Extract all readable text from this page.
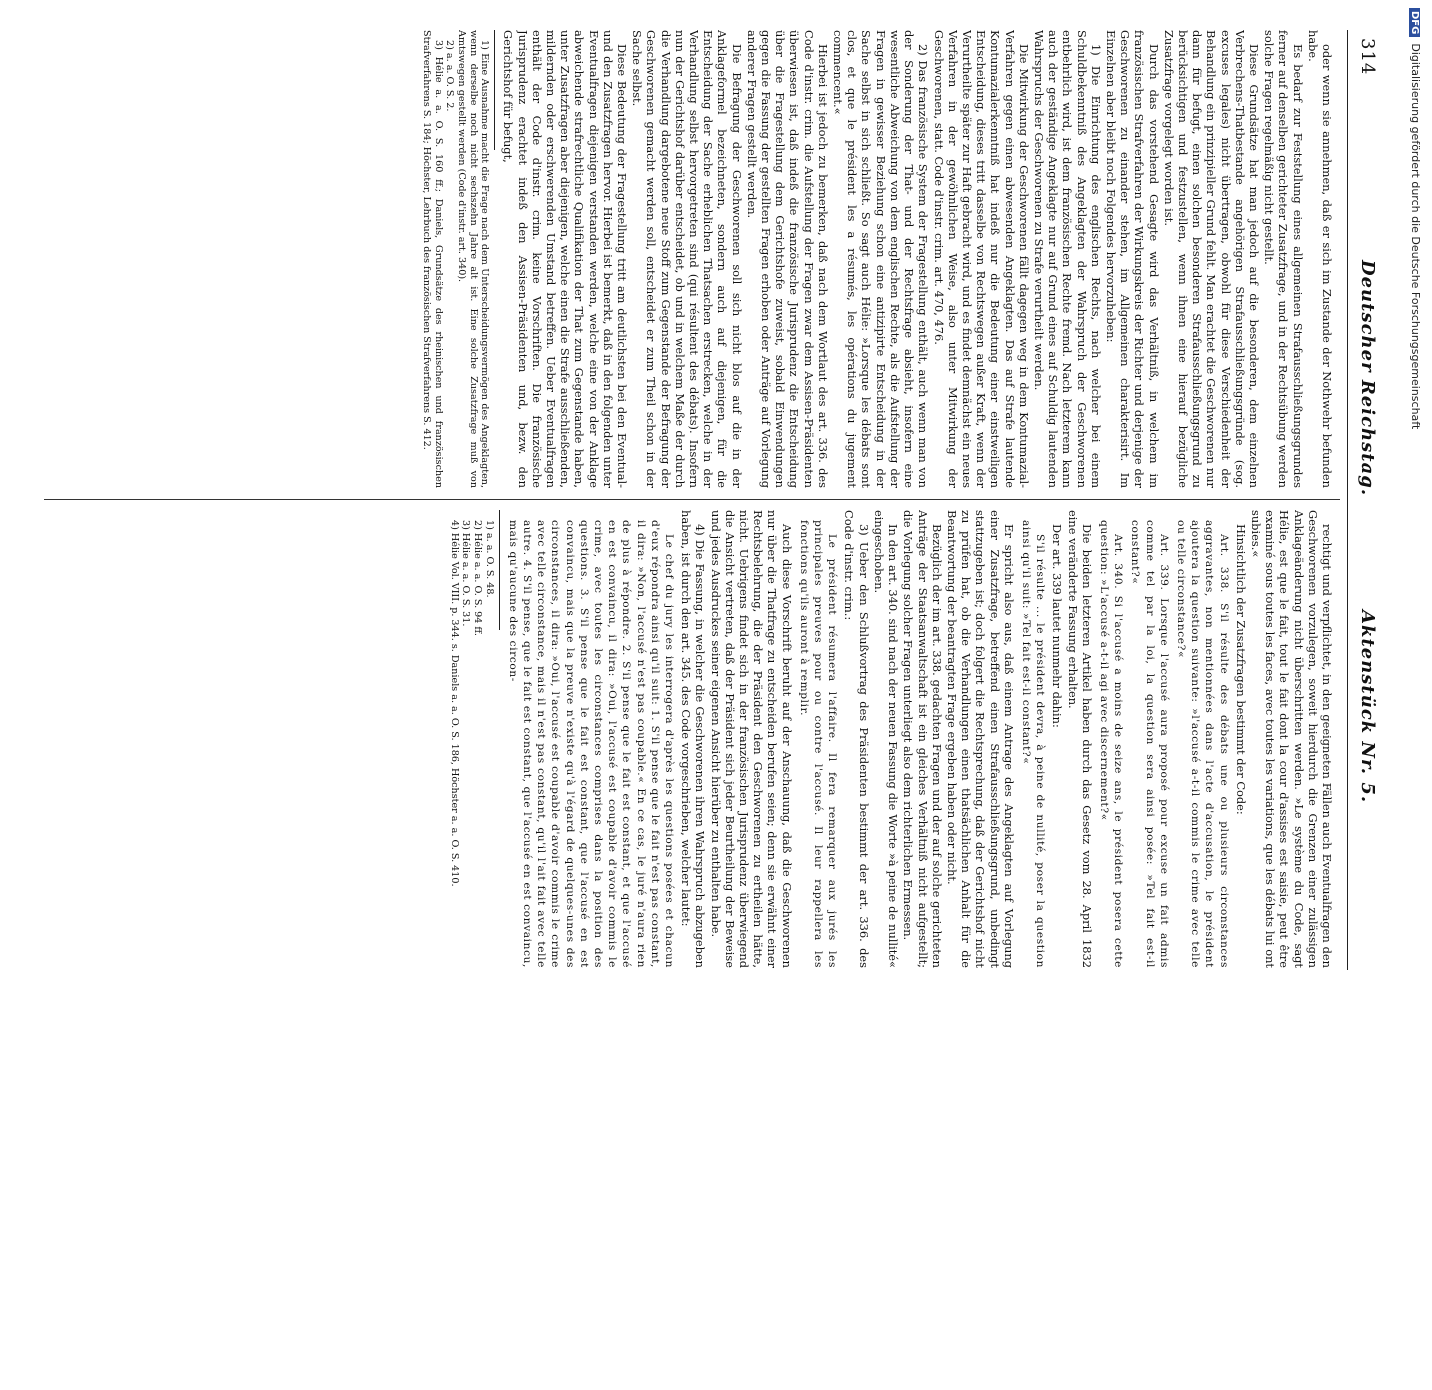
314
Deutscher Reichstag.
Aktenstück Nr. 5.

oder wenn sie annehmen, daß er sich im Zustande der Nothwehr befunden habe.

Es bedarf zur Feststellung eines allgemeinen Strafausschließungsgrundes ferner auf denselben gerichteter Zusatzfrage, und in der Rechtsübung werden solche Fragen regelmäßig nicht gestellt.

Diese Grundsätze hat man jedoch auf die besonderen, dem einzelnen Verbrechens-Thatbestande angehörigen Strafausschließungsgründe (sog. excuses legales) nicht übertragen, obwohl für diese Verschiedenheit der Behandlung ein prinzipieller Grund fehlt. Man erachtet die Geschworenen nur dann für befugt, einen solchen besonderen Strafausschließungsgrund zu berücksichtigen und festzustellen, wenn ihnen eine hierauf bezügliche Zusatzfrage vorgelegt worden ist.

Durch das vorstehend Gesagte wird das Verhältniß, in welchem im französischen Strafverfahren der Wirkungskreis der Richter und derjenige der Geschworenen zu einander stehen, im Allgemeinen charakterisirt. Im Einzelnen aber bleibt noch Folgendes hervorzuheben:

1) Die Einrichtung des englischen Rechts, nach welcher bei einem Schuldbekenntniß des Angeklagten der Wahrspruch der Geschworenen entbehrlich wird, ist dem französischen Rechte fremd. Nach letzterem kann auch der geständige Angeklagte nur auf Grund eines auf Schuldig lautenden Wahrspruchs der Geschworenen zu Strafe verurtheilt werden.

Die Mitwirkung der Geschworenen fällt dagegen weg in dem Kontumazial-Verfahren gegen einen abwesenden Angeklagten. Das auf Strafe lautende Kontumazialerkenntniß hat indeß nur die Bedeutung einer einstweiligen Entscheidung, dieses tritt dasselbe von Rechtswegen außer Kraft, wenn der Verurtheilte später zur Haft gebracht wird, und es findet demnächst ein neues Verfahren in der gewöhnlichen Weise, also unter Mitwirkung der Geschworenen, statt. Code d'instr. crim. art. 470, 476.

2) Das französische System der Fragestellung enthält, auch wenn man von der Sonderung der That- und der Rechtsfrage absieht, insofern eine wesentliche Abweichung von dem englischen Rechte, als die Aufstellung der Fragen in gewisser Beziehung schon eine antizipirte Entscheidung in der Sache selbst in sich schließt. So sagt auch Hélie: »Lorsque les débats sont clos, et que le président les a résumés, les opérations du jugement commencent.«

Hierbei ist jedoch zu bemerken, daß nach dem Wortlaut des art. 336. des Code d'instr. crim. die Aufstellung der Fragen zwar dem Assisen-Präsidenten überwiesen ist, daß indeß die französische Jurisprudenz die Entscheidung über die Fragestellung dem Gerichtshofe zuweist, sobald Einwendungen gegen die Fassung der gestellten Fragen erhoben oder Anträge auf Vorlegung anderer Fragen gestellt werden.

Die Befragung der Geschworenen soll sich nicht blos auf die in der Anklageformel bezeichneten, sondern auch auf diejenigen, für die Entscheidung der Sache erheblichen Thatsachen erstrecken, welche in der Verhandlung selbst hervorgetreten sind (qui résultent des débats). Insofern nun der Gerichtshof darüber entscheidet, ob und in welchem Maße der durch die Verhandlung dargebotene neue Stoff zum Gegenstande der Befragung der Geschworenen gemacht werden soll, entscheidet er zum Theil schon in der Sache selbst.

Diese Bedeutung der Fragestellung tritt am deutlichsten bei den Eventual- und den Zusatzfragen hervor. Hierbei ist bemerkt, daß in den folgenden unter Eventualfragen diejenigen verstanden werden, welche eine von der Anklage abweichende strafrechtliche Qualifikation der That zum Gegenstande haben, unter Zusatzfragen aber diejenigen, welche einen die Strafe ausschließenden, mildernden oder erschwerenden Umstand betreffen. Ueber Eventualfragen enthält der Code d'instr. crim. keine Vorschriften. Die französische Jurisprudenz erachtet indeß den Assisen-Präsidenten und, bezw. den Gerichtshof für befugt,

1) Eine Ausnahme macht die Frage nach dem Unterscheidungsvermögen des Angeklagten, wenn derselbe noch nicht sechszehn Jahre alt ist. Eine solche Zusatzfrage muß von Amtswegen gestellt werden (Code d'instr. art. 340).

2) a. a. O. S. 2.

3) Hélie a. a. O. S. 160 ff.; Daniels, Grundsätze des rheinischen und französischen Strafverfahrens S. 184; Höchster, Lehrbuch des französischen Strafverfahrens S. 412.

rechtigt und verpflichtet, in den geeigneten Fällen auch Eventualfragen den Geschworenen vorzulegen, soweit hierdurch die Grenzen einer zulässigen Anklageänderung nicht überschritten werden. »Le système du Code, sagt Hélie, est que le fait, tout le fait dont la cour d'assises est saisie, peut être examiné sous toutes les faces, avec toutes les variations, que les débats lui ont subies.«

Hinsichtlich der Zusatzfragen bestimmt der Code:

Art. 338. S'il résulte des débats une ou plusieurs circonstances aggravantes, non mentionnées dans l'acte d'accusation, le président ajoutera la question suivante: »l'accusé a-t-il commis le crime avec telle ou telle circonstance?«

Art. 339. Lorsque l'accusé aura proposé pour excuse un fait admis comme tel par la loi, la question sera ainsi posée: »Tel fait est-il constant?«

Art. 340. Si l'accusé a moins de seize ans, le président posera cette question: »L'accusé a-t-il agi avec discernement?«

Die beiden letzteren Artikel haben durch das Gesetz vom 28. April 1832 eine veränderte Fassung erhalten.

Der art. 339 lautet nunmehr dahin:

S'il résulte ... le président devra, à peine de nullité, poser la question ainsi qu'il suit: »Tel fait est-il constant?«

Er spricht also aus, daß einem Antrage des Angeklagten auf Vorlegung einer Zusatzfrage, betreffend einen Strafausschließungsgrund, unbedingt stattzugeben ist; doch folgert die Rechtsprechung, daß der Gerichtshof nicht zu prüfen hat, ob die Verhandlungen einen thatsächlichen Anhalt für die Beantwortung der beantragten Frage ergeben haben oder nicht.

Bezüglich der im art. 338. gedachten Fragen und der auf solche gerichteten Anträge der Staatsanwaltschaft ist ein gleiches Verhältniß nicht aufgestellt; die Vorlegung solcher Fragen unterliegt also dem richterlichen Ermessen.

In den art. 340. sind nach der neuen Fassung die Worte »à peine de nullité« eingeschoben.

3) Ueber den Schlußvortrag des Präsidenten bestimmt der art. 336. des Code d'instr. crim.:

Le président résumera l'affaire. Il fera remarquer aux jurés les principales preuves pour ou contre l'accusé. Il leur rappellera les fonctions qu'ils auront à remplir.

Auch diese Vorschrift beruht auf der Anschauung, daß die Geschworenen nur über die Thatfrage zu entscheiden berufen seien; denn sie erwähnt einer Rechtsbelehrung, die der Präsident den Geschworenen zu ertheilen hätte, nicht. Uebrigens findet sich in der französischen Jurisprudenz überwiegend die Ansicht vertreten, daß der Präsident sich jeder Beurtheilung der Beweise und jedes Ausdruckes seiner eigenen Ansicht hierüber zu enthalten habe.

4) Die Fassung, in welcher die Geschworenen ihren Wahrspruch abzugeben haben, ist durch den art. 345. des Code vorgeschrieben, welcher lautet:

Le chef du jury les interrogera d'après les questions posées et chacun d'eux répondra ainsi qu'il suit: 1. S'il pense que le fait n'est pas constant, il dira: »Non, l'accusé n'est pas coupable.« En ce cas, le juré n'aura rien de plus à répondre. 2. S'il pense que le fait est constant, et que l'accusé en est convaincu, il dira: »Oui, l'accusé est coupable d'avoir commis le crime, avec toutes les circonstances comprises dans la position des questions. 3. S'il pense que le fait est constant, que l'accusé en est convaincu, mais que la preuve n'existe qu'à l'égard de quelques-unes des circonstances, il dira: »Oui, l'accusé est coupable d'avoir commis le crime avec telle circonstance, mais il n'est pas constant, qu'il l'ait fait avec telle autre. 4. S'il pense, que le fait est constant, que l'accusé en est convaincu, mais qu'aucune des circon-

1) a. a. O. S. 48.

2) Hélie a. a. O. S. 94 ff.

3) Hélie a. a. O. S. 31.

4) Hélie Vol. VIII. p. 344. s. Daniels a. a. O. S. 186, Höchster a. a. O. S. 410.

DFGDigitalisierung gefördert durch die Deutsche Forschungsgemeinschaft
